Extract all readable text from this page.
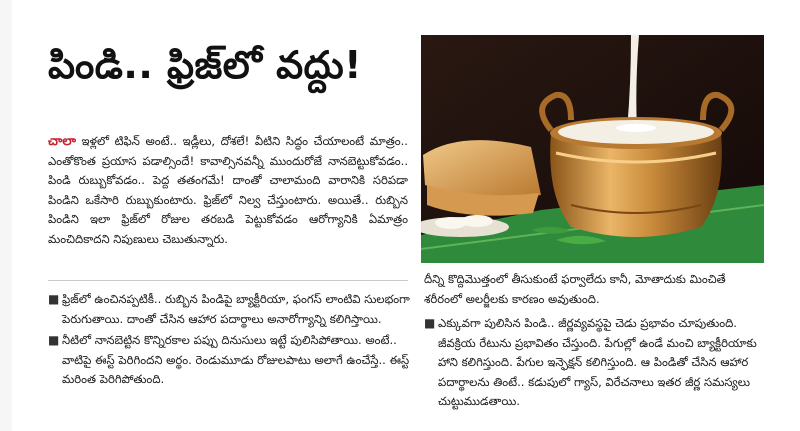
పిండి.. ఫ్రిజ్‌లో వద్దు!

చాలా ఇళ్లలో టిఫిన్ అంటే.. ఇడ్లీలు, దోశలే! వీటిని సిద్ధం చేయాలంటే మాత్రం.. ఎంతోకొంత ప్రయాస పడాల్సిందే! కావాల్సినవన్నీ ముందురోజే నానబెట్టుకోవడం.. పిండి రుబ్బుకోవడం.. పెద్ద తతంగమే! దాంతో చాలామంది వారానికి సరిపడా పిండిని ఒకేసారి రుబ్బుకుంటారు. ఫ్రిజ్‌లో నిల్వ చేస్తుంటారు. అయితే.. రుబ్బిన పిండిని ఇలా ఫ్రిజ్‌లో రోజుల తరబడి పెట్టుకోవడం ఆరోగ్యానికి ఏమాత్రం మంచిదికాదని నిపుణులు చెబుతున్నారు.

■ ఫ్రిజ్‌లో ఉంచినప్పటికీ.. రుబ్బిన పిండిపై బ్యాక్టీరియా, ఫంగస్ లాంటివి సులభంగా పెరుగుతాయి. దాంతో చేసిన ఆహార పదార్థాలు అనారోగ్యాన్ని కలిగిస్తాయి.
■ నీటిలో నానబెట్టిన కొన్నిరకాల పప్పు దినుసులు ఇట్టే పులిసిపోతాయి. అంటే.. వాటిపై ఈస్ట్ పెరిగిందని అర్థం. రెండుమూడు రోజులపాటు అలాగే ఉంచేస్తే.. ఈస్ట్ మరింత పెరిగిపోతుంది.

దీన్ని కొద్దిమొత్తంలో తీసుకుంటే ఫర్వాలేదు కానీ, మోతాదుకు మించితే శరీరంలో అలర్జీలకు కారణం అవుతుంది.

■ ఎక్కువగా పులిసిన పిండి.. జీర్ణవ్యవస్థపై చెడు ప్రభావం చూపుతుంది. జీవక్రియ రేటును ప్రభావితం చేస్తుంది. పేగుల్లో ఉండే మంచి బ్యాక్టీరియాకు హాని కలిగిస్తుంది. పేగుల ఇన్ఫెక్షన్ కలిగిస్తుంది. ఆ పిండితో చేసిన ఆహార పదార్థాలను తింటే.. కడుపులో గ్యాస్, విరేచనాలు ఇతర జీర్ణ సమస్యలు చుట్టుముడతాయి.
